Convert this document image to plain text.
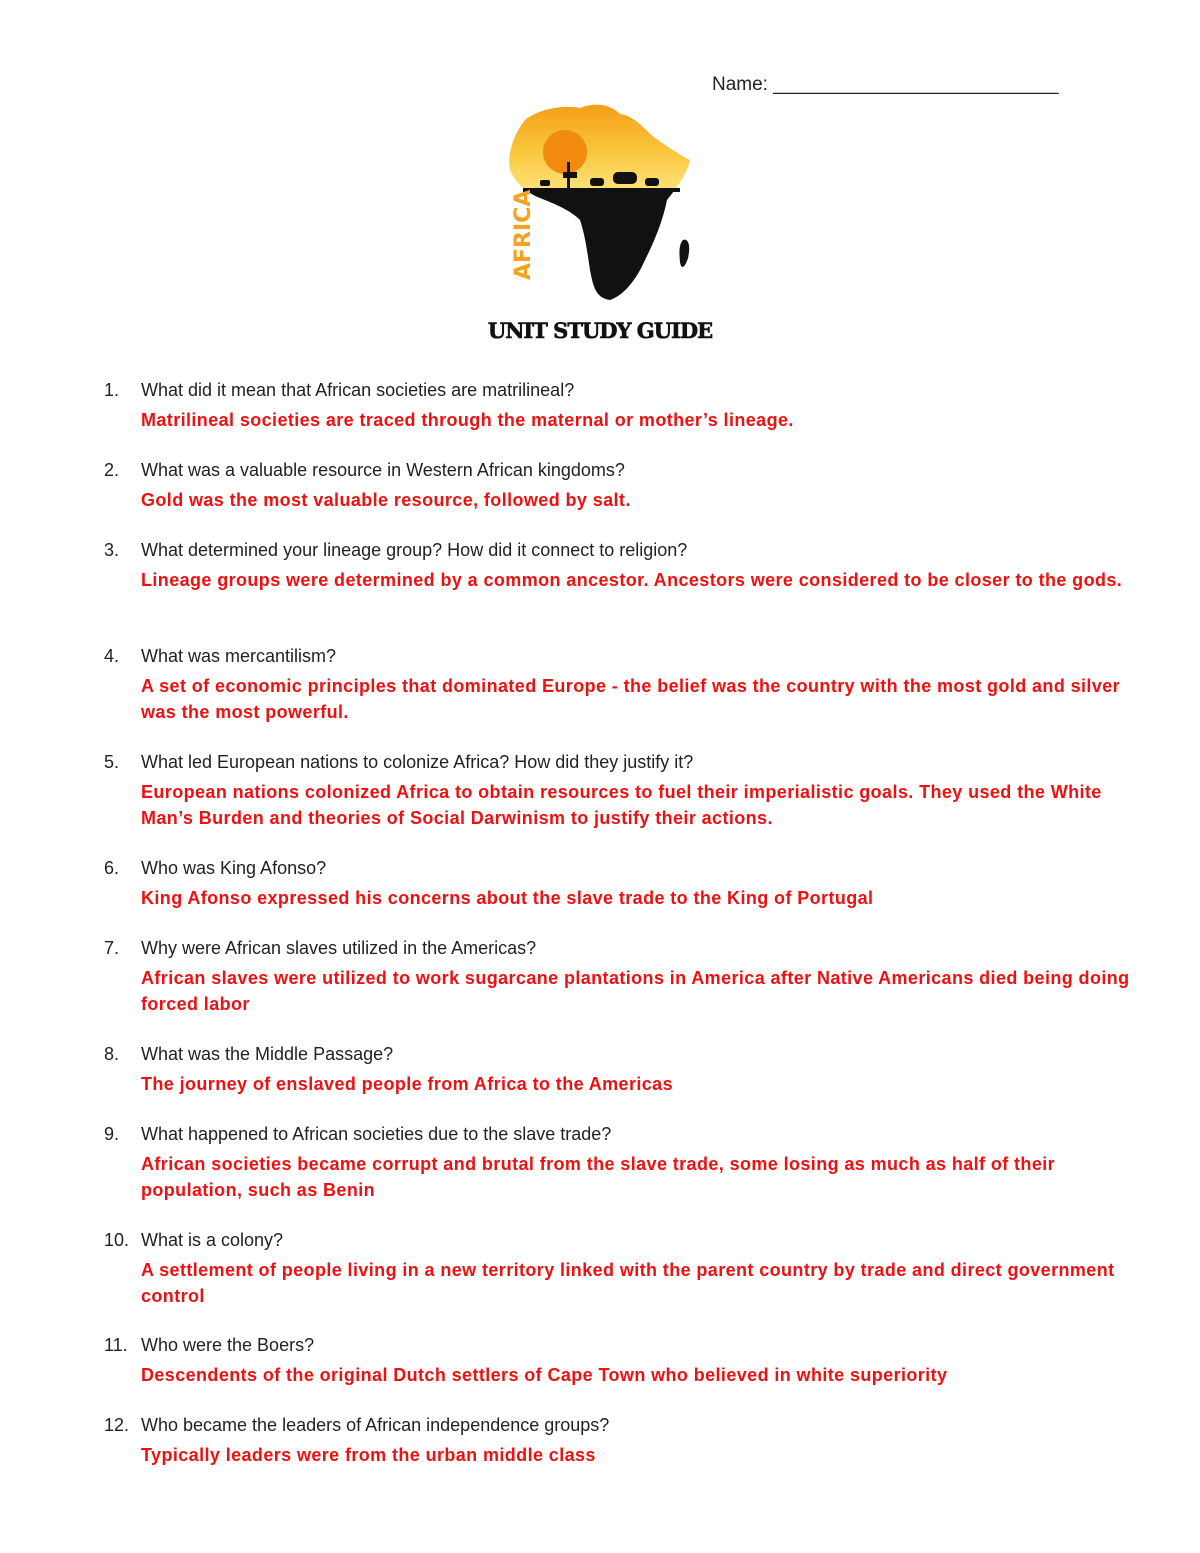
Name: ___________________________
AFRICA
UNIT STUDY GUIDE
1. What did it mean that African societies are matrilineal?
Matrilineal societies are traced through the maternal or mother’s lineage.
2. What was a valuable resource in Western African kingdoms?
Gold was the most valuable resource, followed by salt.
3. What determined your lineage group? How did it connect to religion?
Lineage groups were determined by a common ancestor. Ancestors were considered to be closer to the gods.
4. What was mercantilism?
A set of economic principles that dominated Europe - the belief was the country with the most gold and silver was the most powerful.
5. What led European nations to colonize Africa? How did they justify it?
European nations colonized Africa to obtain resources to fuel their imperialistic goals. They used the White Man’s Burden and theories of Social Darwinism to justify their actions.
6. Who was King Afonso?
King Afonso expressed his concerns about the slave trade to the King of Portugal
7. Why were African slaves utilized in the Americas?
African slaves were utilized to work sugarcane plantations in America after Native Americans died being doing forced labor
8. What was the Middle Passage?
The journey of enslaved people from Africa to the Americas
9. What happened to African societies due to the slave trade?
African societies became corrupt and brutal from the slave trade, some losing as much as half of their population, such as Benin
10. What is a colony?
A settlement of people living in a new territory linked with the parent country by trade and direct government control
11. Who were the Boers?
Descendents of the original Dutch settlers of Cape Town who believed in white superiority
12. Who became the leaders of African independence groups?
Typically leaders were from the urban middle class
